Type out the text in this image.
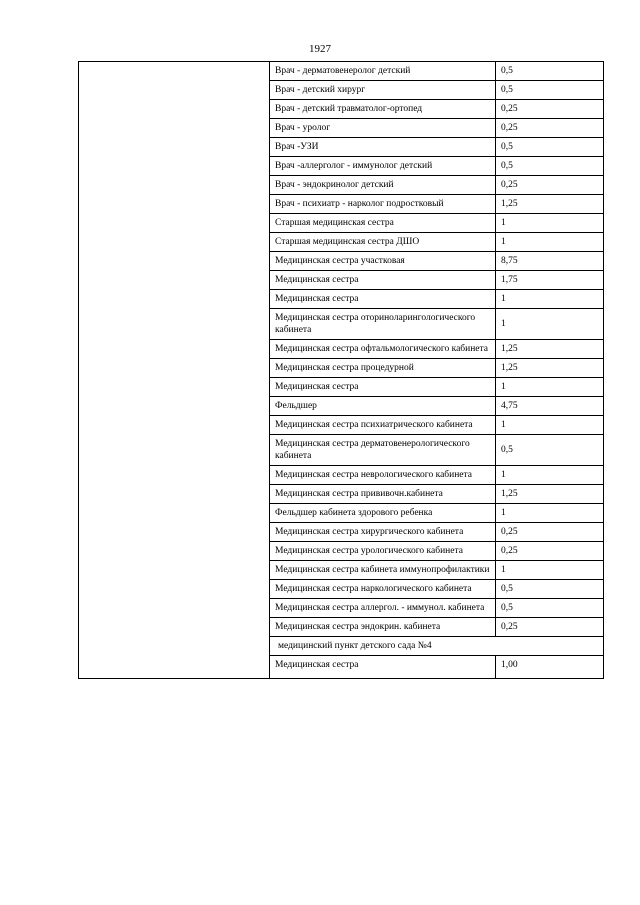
1927
	Врач - дерматовенеролог детский	0,5	
	Врач - детский хирург	0,5	
	Врач - детский травматолог-ортопед	0,25	
	Врач - уролог	0,25	
	Врач -УЗИ	0,5	
	Врач -аллерголог - иммунолог детский	0,5	
	Врач - эндокринолог детский	0,25	
	Врач - психиатр - нарколог подростковый	1,25	
	Старшая медицинская сестра	1	
	Старшая медицинская сестра ДШО	1	
	Медицинская сестра участковая	8,75	
	Медицинская сестра	1,75	
	Медицинская сестра	1	
	Медицинская сестра оториноларингологического кабинета	1	
	Медицинская сестра офтальмологического кабинета	1,25	
	Медицинская сестра процедурной	1,25	
	Медицинская сестра	1	
	Фельдшер	4,75	
	Медицинская сестра психиатрического кабинета	1	
	Медицинская сестра дерматовенерологического кабинета	0,5	
	Медицинская сестра неврологического кабинета	1	
	Медицинская сестра прививочн.кабинета	1,25	
	Фельдшер кабинета здорового ребенка	1	
	Медицинская сестра хирургического кабинета	0,25	
	Медицинская сестра урологического кабинета	0,25	
	Медицинская сестра кабинета иммунопрофилактики	1	
	Медицинская сестра наркологического кабинета	0,5	
	Медицинская сестра аллергол. - иммунол. кабинета	0,5	
	Медицинская сестра эндокрин. кабинета	0,25	
	медицинский пункт детского сада №4		
	Медицинская сестра	1,00	
